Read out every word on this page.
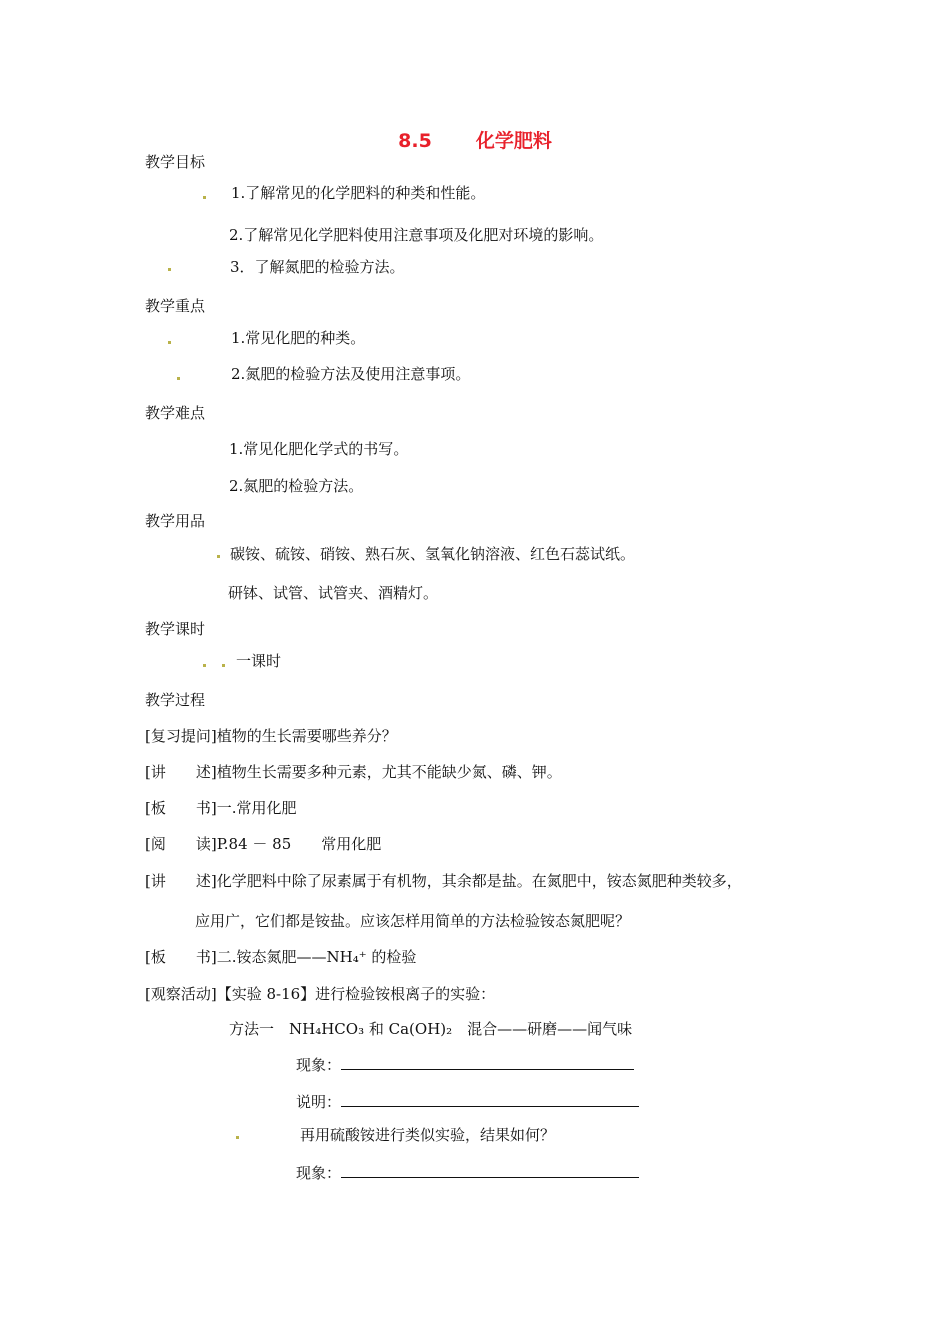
8.5 化学肥料
教学目标
1.了解常见的化学肥料的种类和性能。
2.了解常见化学肥料使用注意事项及化肥对环境的影响。
3．了解氮肥的检验方法。
教学重点
1.常见化肥的种类。
2.氮肥的检验方法及使用注意事项。
教学难点
1.常见化肥化学式的书写。
2.氮肥的检验方法。
教学用品
碳铵、硫铵、硝铵、熟石灰、氢氧化钠溶液、红色石蕊试纸。
研钵、试管、试管夹、酒精灯。
教学课时
一课时
教学过程
[复习提问]植物的生长需要哪些养分？
[讲　　述]植物生长需要多种元素，尤其不能缺少氮、磷、钾。
[板　　书]一.常用化肥
[阅　　读]P.84 － 85　　常用化肥
[讲　　述]化学肥料中除了尿素属于有机物，其余都是盐。在氮肥中，铵态氮肥种类较多，
应用广，它们都是铵盐。应该怎样用简单的方法检验铵态氮肥呢？
[板　　书]二.铵态氮肥——NH₄⁺ 的检验
[观察活动]【实验 8-16】进行检验铵根离子的实验：
方法一　NH₄HCO₃ 和 Ca(OH)₂　混合——研磨——闻气味
现象：
说明：
再用硫酸铵进行类似实验，结果如何？
现象：
